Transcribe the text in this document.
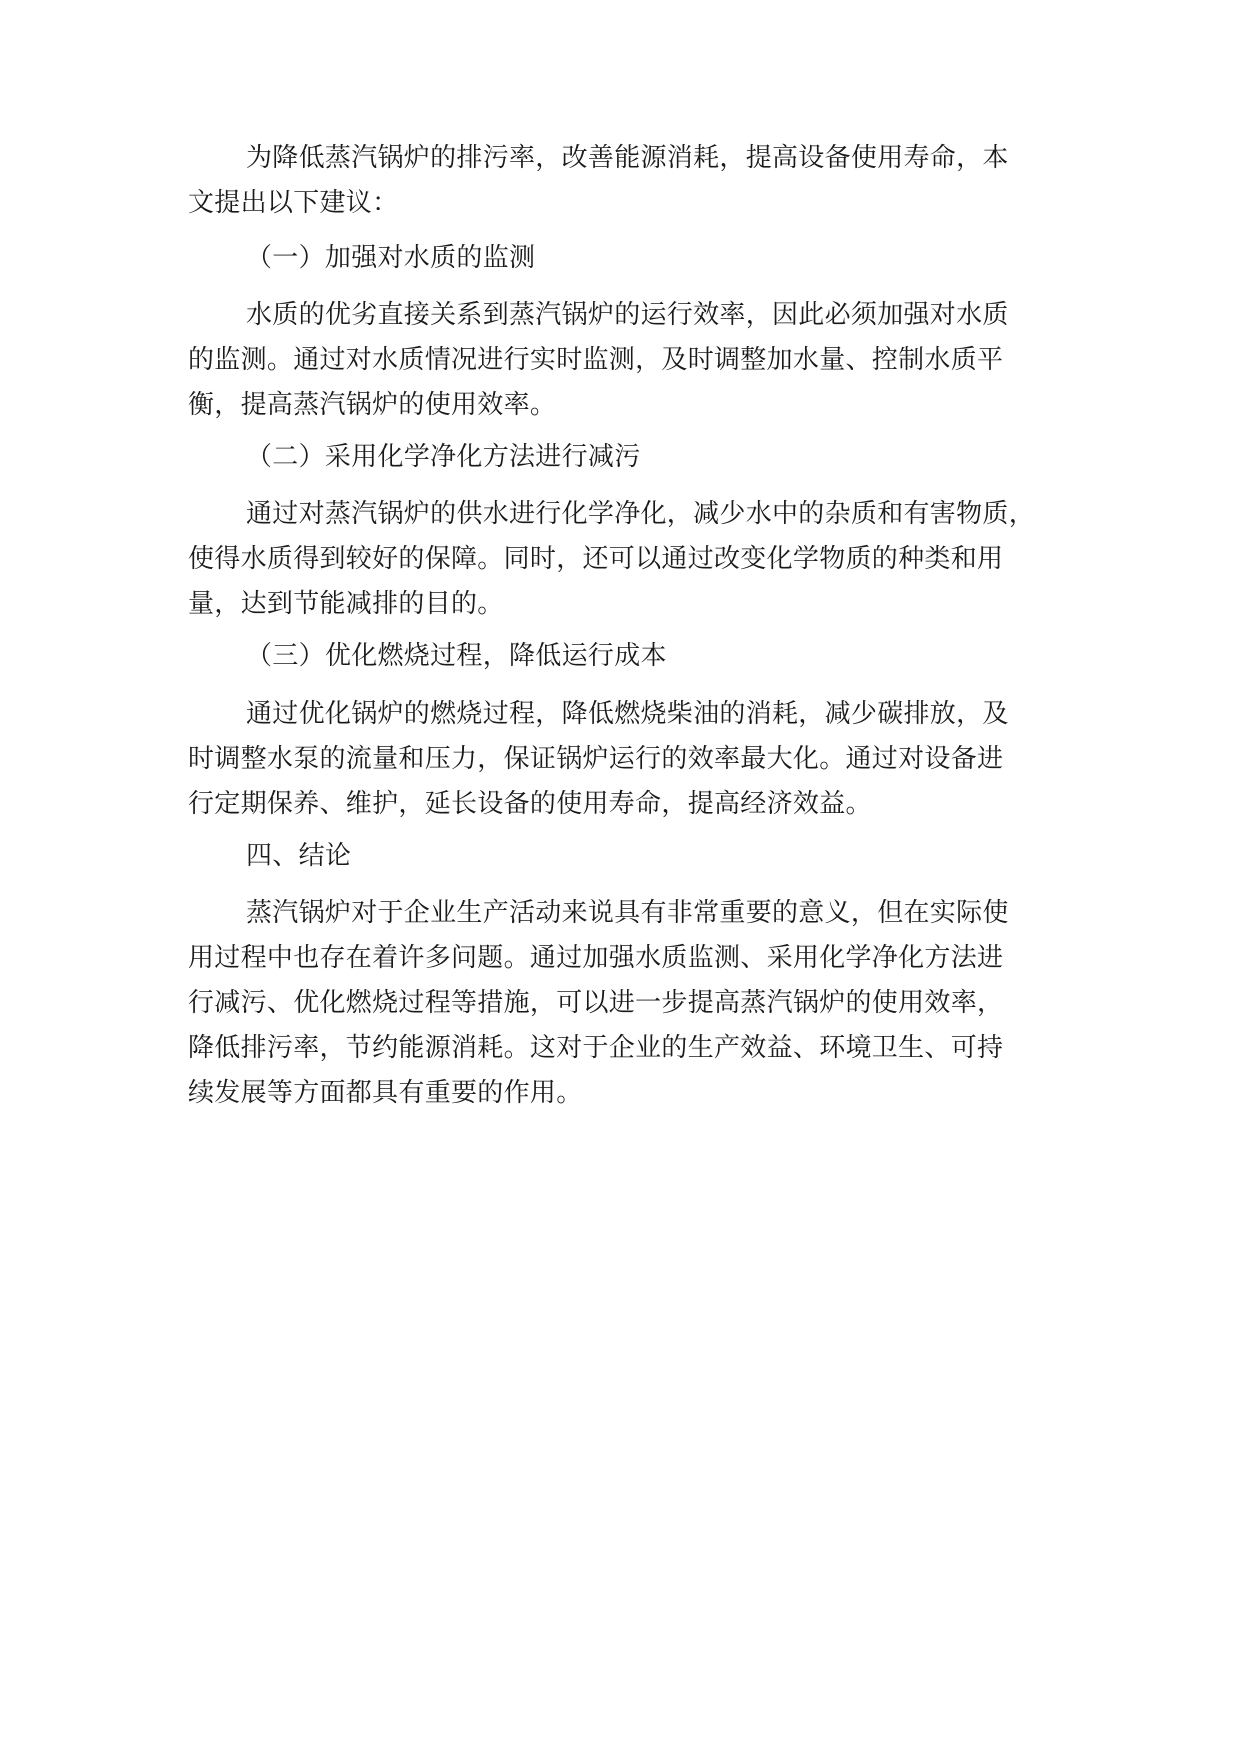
为降低蒸汽锅炉的排污率，改善能源消耗，提高设备使用寿命，本
文提出以下建议：
（一）加强对水质的监测
水质的优劣直接关系到蒸汽锅炉的运行效率，因此必须加强对水质
的监测。通过对水质情况进行实时监测，及时调整加水量、控制水质平
衡，提高蒸汽锅炉的使用效率。
（二）采用化学净化方法进行减污
通过对蒸汽锅炉的供水进行化学净化，减少水中的杂质和有害物质，
使得水质得到较好的保障。同时，还可以通过改变化学物质的种类和用
量，达到节能减排的目的。
（三）优化燃烧过程，降低运行成本
通过优化锅炉的燃烧过程，降低燃烧柴油的消耗，减少碳排放，及
时调整水泵的流量和压力，保证锅炉运行的效率最大化。通过对设备进
行定期保养、维护，延长设备的使用寿命，提高经济效益。
四、结论
蒸汽锅炉对于企业生产活动来说具有非常重要的意义，但在实际使
用过程中也存在着许多问题。通过加强水质监测、采用化学净化方法进
行减污、优化燃烧过程等措施，可以进一步提高蒸汽锅炉的使用效率，
降低排污率，节约能源消耗。这对于企业的生产效益、环境卫生、可持
续发展等方面都具有重要的作用。
